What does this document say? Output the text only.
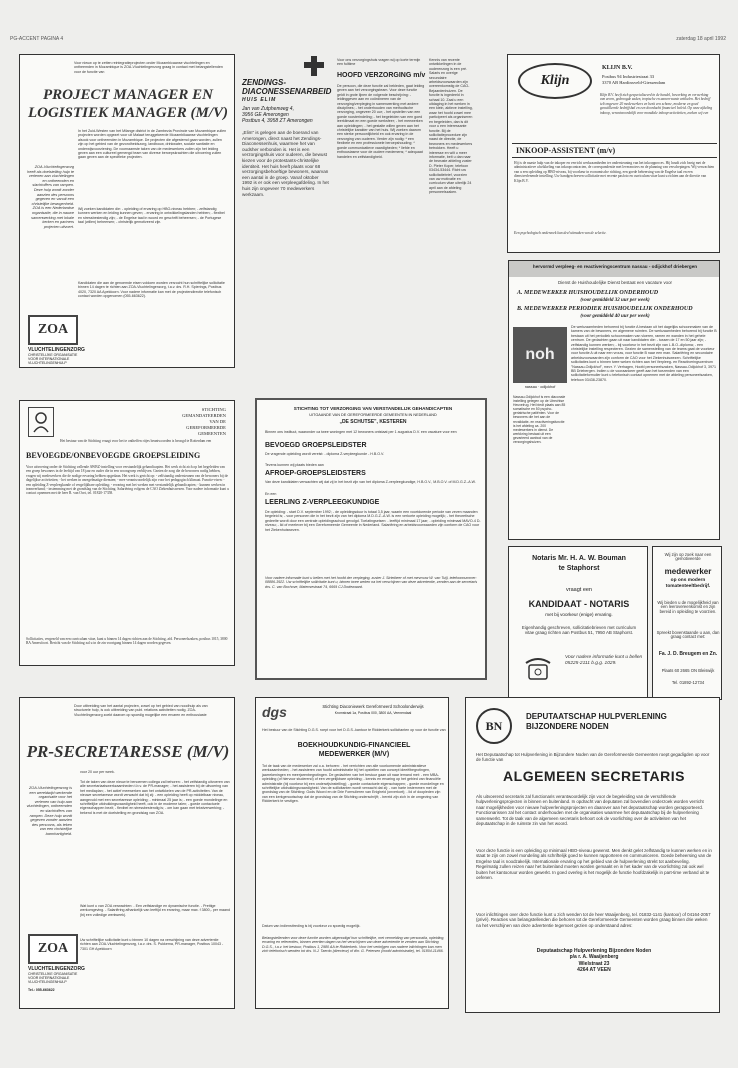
PG-ACCENT PAGINA 4	zaterdag 18 april 1992
Voor nieuw op te zetten reintegratieprojecten onder Mozambicaanse vluchtelingen en ontheemden in Mozambique is ZOA-Vluchtelingenzorg graag in contact met belangstellenden voor de functie van
PROJECT MANAGER EN
LOGISTIEK MANAGER (M/V)
ZOA-Vluchtelingenzorg heeft als doelstelling hulp te verlenen aan vluchtelingen en ontheemden en slachtoffers van rampen. Deze hulp wordt zonder aanzien des persoons gegeven en vanuit een christelijke bewogenheid. ZOA is een Nederlandse organisatie, die in nauwe samenwerking met lokale kerken en partners projecten uitvoert.
In het Zuid-Westen van het Milange district in de Zambezia Provincie van Mozambique zullen projecten worden opgezet voor uit Malawi teruggekeerde Mozambikaanse vluchtelingen alsook voor ontheemden in Mozambique. De projecten die afgestemd gaan worden, zullen zijn op het gebied van de gezondheidszorg, landbouw, drinkwater, sociale sanitatie en onderwijsvoorziening. De voornaamste taken van de medewerkers zullen zijn het leiding geven aan een cultureel gemengd team van diverse beroepskrachten die uitvoering zullen gaan geven aan de specifieke projecten.
Wij zoeken kandidaten die: - opleiding of ervaring op HBO-niveau hebben; - zelfstandig kunnen werken en leiding kunnen geven; - ervaring in ontwikkelingslanden hebben; - flexibel en stressbestendig zijn; - de Engelse taal in woord en geschrift beheersen; - de Portugese taal (willen) beheersen; - christelijk gemotiveerd zijn.
Kandidaten die aan de genoemde eisen voldoen worden verzocht hun schriftelijke sollicitatie binnen 14 dagen te richten aan ZOA-Vluchtelingenzorg, t.a.v. drs. R.H. Spierings, Postbus 4020, 7320 AA Apeldoorn. Voor nadere informatie kan met de projectendirectie telefonisch contact worden opgenomen (055-663622).
ZOA
VLUCHTELINGENZORG
CHRISTELIJKE ORGANISATIE VOOR INTERNATIONALE VLUCHTELINGENHULP
ZENDINGS-
DIACONESSENARBEID
HUIS ELIM
Jan van Zutphenweg 4,
3956 GE Amerongen
Postbus 4, 3958 ZT Amerongen
„Elim" is gelegen aan de boerand van Amerongen, direct naast het Zendings-Diaconessenhuis, waarmee het van oudsher verbonden is. Het is een verzorgingshuis voor ouderen, die bewust kiezen voor de protestants-christelijke identiteit. Het huis heeft plaats voor 68 verzorgingsbehoeftige bewoners, waarvan een aantal in de groep. Vanaf oktober 1992 is er ook een verpleegafdeling. In het huis zijn ongeveer 70 medewerkers werkzaam.
Voor ons verzorgingshuis vragen wij op korte termijn een fulltime
HOOFD VERZORGING m/v
De persoon, die deze functie zal bekleden, gaat leiding geven aan het verzorgingsteam. Voor deze functie geldt in grote lijnen de volgende beschrijving: - leidinggeven aan en coördineren van de verzorging/verpleging in samenwerking met andere disciplines; - het onderhouden van methodische verzorging, ongeveer 20 uur; - het opstellen van een goede roosterindeling; - het begeleiden van een goed leerklimaat en een goede werksfeer; - het meewerken aan opleidingen; - het gestalte willen geven aan het christelijke karakter van het huis. Wij zoeken daarom een sterke persoonlijkheid en ook ervaring in de verzorging van ouderen. Verder zijn nodig: * een flexibele en een professionele beroepshouding; * goede communicatieve vaardigheden; * liefde en enthousiasme voor de oudere medemens; * adequaat handelen en zelfstandigheid.
Kennis van recente ontwikkelingen in de ouderenzorg is een pré. Salaris en overige secundaire arbeidsvoorwaarden zijn overeenkomstig de CAO-Bejaardenhuizen. De functie is ingedeeld in schaal 10. Zaal u een uitdaging in het werken in een klein, aktieve instelling, waar het hoofd zowel mee participeert als organiseren en begeleiden, dan is dit voor u een interessante functie. Bij de sollicitatieprocedure zijn naast de directie, de bewoners en medewerkers betrokken. Heeft u interesse en wilt u meer informatie, belt u dan naar de bewuste afdeling zuster D. Pieter Koper, telefoon 03434-53444. Richt uw sollicitatiebrief, voorzien van uw motivatie en curriculum vitae uiterlijk 24 april aan de afdeling personeelszaken.
Klijn
KLIJN B.V.
Postbus 94 Industriestraat 33
3370 AB Hardinxveld-Giessendam
Klijn B.V. heeft zich gespecialiseerd in de handel, bewerking en verwerking van zeven, gedroogde zaden, tropische en aanverwante artikelen. Het bedrijf telt ongeveer 20 medewerkers en bezit een schone, moderne en goed geoutilleerde bedrijfshal en een doordacht financieel beleid. Op onze afdeling inkoop, verantwoordelijk voor mondiale inkoop-activiteiten, zoeken wij een
INKOOP-ASSISTENT (m/v)
Hij is de naaste hulp van de inkoper en verricht werkzaamheden ter ondersteuning van het inkoopproces. Hij houdt zich bezig met de administratieve afwikkeling van inkoopcontracten, de correspondentie met leveranciers en de planning van verschepingen. Wij verwachten van u een opleiding op HBO-niveau, bij voorkeur in economische richting, een goede beheersing van de Engelse taal en een dienstverlenende instelling. Uw handgeschreven sollicitatie met recente pasfoto en curriculum vitae kunt u richten aan de directie van Klijn B.V.
Een psychologisch onderzoek kan deel uitmaken van de selectie.
hervormd verpleeg- en reactiveringscentrum nassau - odijckhof driebergen
Dienst de Huishoudelijke Dienst bestaat een vacature voor
A. MEDEWERKER HUISHOUDELIJK ONDERHOUD
(voor gemiddeld 32 uur per week)
B. MEDEWERKER PERIODIEK HUISHOUDELIJK ONDERHOUD
(voor gemiddeld 40 uur per week)
noh
nassau · odijckhof
Nassau-Odijckhof is een diaconale instelling gelegen op de Utrechtse Heuvelrug. Het biedt plaats aan 85 somatische en 50 psycho-geriatrische patiënten. Voor de bewoners die het aan de revalidatie- en reactiveringsfunctie is het afdeling ca. 200 medewerkers in dienst. De werkkring bestaat uit een gevarieerd aanbod van de verzorgingshuizen.
De werkzaamheden behorend bij functie A bestaan uit het dagelijks schoonmaken van de kamers van de bewoners, en algemene ruimten. De werkzaamheden behorend bij functie B bestaan uit het periodiek schoonmaken van vloeren, ramen en wanden in het gehele centrum. De gedachten gaan uit naar kandidaten die: - tussen de 17 en 50 jaar zijn; - zelfstandig kunnen werken; - bij voorkeur in het bezit zijn van L.B.O.-diploma; - een christelijke instelling respecteren. Gezien de samenstelling van de teams gaat de voorkeur voor functie A uit naar een vrouw, voor functie B naar een man. Salariëring en secundaire arbeidsvoorwaarden zijn conform de CAO voor het Ziekenhuiswezen. Schriftelijke sollicitaties kunt u binnen twee weken richten aan het Verpleeg- en Reactiveringscentrum "Nassau-Odijckhof", mevr. Y. Verhagen, Hoofd personeelszaken, Nassau-Odijckhof 3, 3971 BB Driebergen. Indien u de vooraankeer geeft aan het toezenden van een sollicitatieformulier kunt u telefonisch contact opnemen met de afdeling personeelszaken, telefoon 03438-23870.
STICHTING
GEMANDATEERDEN
VAN DE
GEREFORMEERDE
GEMEENTEN
Het bestuur van de Stichting vraagt voor het te ontheffen ritjes beantwoorden is beoogd te Rotterdam een
BEVOEGDE/ONBEVOEGDE GROEPSLEIDING
Voor uitvoering onder de Stichting vallende AWBZ-instelling voor verstandelijk gehandicapten. Het werk richt zich op het begeleiden van een groep bewoners in de leeftijd van 18 jaar en ouder die in een woongroep verblijven. Gezien de zorg die de bewoners nodig hebben, vragen wij medewerkers die de nodige ervaring hebben opgedaan. Het werk is gericht op: - zelfstandig ondersteunen van de bewoners bij de dagelijkse activiteiten; - het werken in onregelmatige diensten; - mee verantwoordelijk zijn voor het pedagogisch klimaat. Functie-eisen: - een opleiding Z-verpleegkunde of vergelijkbare opleiding; - ervaring met het werken met verstandelijk gehandicapten; - kunnen werken in teamverband; - instemming met de grondslag van de Stichting. Salariëring volgens de CAO Ziekenhuiswezen. Voor nadere informatie kunt u contact opnemen met de heer R. van Oort, tel. 01820-17358.
Sollicitaties, vergezeld van een curriculum vitae, kunt u binnen 14 dagen richten aan de Stichting, afd. Personeelszaken, postbus 1015, 3800 BA Amersfoort. Bericht van de Stichting zal u in de zin voortgang binnen 14 dagen worden gegeven.
STICHTING TOT VERZORGING VAN VERSTANDELIJK GEHANDICAPTEN
UITGAANDE VAN DE GEREFORMEERDE GEMEENTEN IN NEDERLAND
„DE SCHUTSE", KESTEREN
Binnen ons instituut, waaronder ca twee woningen met 12 bewoners ontstaat per 1 augustus D.V. een vacature voor een
BEVOEGD GROEPSLEIDSTER
De vragende opleiding wordt vereist: - diploma Z-verpleegkunde - H.B.O.V.
Tevens kunnen wij plaats bieden aan
AFROEP-GROEPSLEIDSTERS
Van deze kandidaten verwachten wij dat zij in het bezit zijn van het diploma Z-verpleegkundige, H.B.O.V., M.B.O.V. of M.D.G.Z.-A.W.
En een
LEERLING Z-VERPLEEGKUNDIGE
De opleiding: - start D.V. september 1992; - de opleidingsduur is totaal 3,5 jaar, waarin een voortdurende periode van zeven maanden begeleid is; - voor personen die in het bezit zijn van het diploma M.D.G.Z.-A.W. is een verkorte opleiding mogelijk; - het theoretische gedeelte wordt door een centrale opleidingsschool gevolgd. Toelatingseisen: - leeftijd minimaal 17 jaar; - opleiding minimaal MAVO-4 D-niveau; - lid of meelever bij een Gereformeerde Gemeente in Nederland. Salariëring en arbeidsvoorwaarden zijn conform de CAO voor het Ziekenhuiswezen.
Voor nadere informatie kunt u bellen met het hoofd der verpleging, zuster J. Strietbeer of met mevrouw W. van Tuijl, telefoonnummer: 08886-3922. Uw schriftelijke sollicitatie kunt u, binnen twee weken na het verschijnen van deze advertentie, zenden aan de secretaris drs. C. van Bochove, Matensestraat 74, 6669 CJ Dodewaard.
Notaris Mr. H. A. W. Bouman
te Staphorst
vraagt een
KANDIDAAT - NOTARIS
met bij voorkeur (enige) ervaring.
Eigenhandig geschreven, sollicitatiebrieven met curriculum vitae graag richten aan Postbus 51, 7950 AB Staphorst.
Voor nadere informatie kunt u bellen 05225-2111 b.g.g. 1029.
Wij zijn op zoek naar een gemotiveerde
medewerker
op ons modern tomatenteeltbedrijf.
Wij bieden u de mogelijkheid van een leerovereenkomst en zijn bereid in opleiding te voorzien.
Spreekt bovenstaande u aan, dan graag contact met:
Fa. J. D. Breugem en Zn.
Plaats 60 2665 ON Bleiswijk
Tel. 01892-12734
Door uitbreiding van het aantal projecten, zowel op het gebied van noodhulp als van structurele hulp, is ook uitbreiding van publ. relations activiteiten nodig. ZOA-Vluchtelingenzorg zoekt daarom op spoedig mogelijke een ervaren en enthousiaste
PR-SECRETARESSE (M/V)
voor 20 uur per week.
ZOA-Vluchtelingenzorg is een wereldwijd werkende organisatie voor het verlenen van hulp aan vluchtelingen, ontheemden en slachtoffers van rampen. Deze hulp wordt gegeven zonder aanzien des persoons, als teken van een christelijke barmhartigheid.
Tot de taken van deze nieuw te benoemen collega zal behoren: - het zelfstandig uitvoeren van alle secretariaatswerkzaamheden t.b.v. de PR-manager; - het assisteren bij de uitvoering van het mediaplan; - het actief meewerken aan het ontwikkelen van de PR-activiteiten. Van de nieuwe secretaresse wordt verwacht dat hij zij: - een opleiding heeft op middelbaar niveau, aangevuld met een secretaresse opleiding; - minimaal 25 jaar is; - een goede mondelinge en schriftelijke uitdrukkingsvaardigheid heeft, ook in de moderne talen; - goede contactuele eigenschappen bezit; - flexibel en stressbestendig is; - om kan gaan met tekstverwerking; - bekend is met de doelstelling en grondslag van ZOA.
Wat kunt u van ZOA verwachten: - Een zelfstandige en dynamische functie. - Prettige werkomgeving. - Salariëring afhankelijk van leeftijd en ervaring, maar max. f 3800,- per maand (bij een volledige werkweek).
Uw schriftelijke sollicitatie kunt u binnen 10 dagen na verschijning van deze advertentie richten aan ZOA-Vluchtelingenzorg, t.a.v. drs. S. Pukkema, PR-manager, Postbus 10043 - 7301 GH Apeldoorn
ZOA
VLUCHTELINGENZORG
CHRISTELIJKE ORGANISATIE VOOR INTERNATIONALE VLUCHTELINGENHULP
Tel.: 055-663622
dgs	Stichting Diaconiewerk Gereformeerd Schoolonderwijs
Kromstraat 1a, Postbus 000, 3800 AA, Veenendaal
Het bestuur van de Stichting D.G.S. roept voor het D.G.S.-kantoor te Ridderkerk sollicitanten op voor de functie van
BOEKHOUDKUNDIG-FINANCIEEL
MEDEWERKER (M/V)
Tot de taak van de medewerker zal o.a. behoren: - het verrichten van alle voorkomende administratieve werkzaamheden; - het assisteren van hoofd administratie bij het opstellen van concept ideeëlbegrotingen, jaarrekeningen en meerjarenbegrotingen. De gedachten van het bestuur gaan uit naar iemand met: - een MBA-opleiding (of hiervoor studerend) of een vergelijkbare opleiding; - kennis en ervaring op het gebied van financiële administratie (bij voorkeur bij een onderwijsinstelling); - goede contactuele eigenschappen; - goede mondelinge en schriftelijke uitdrukkingsvaardigheid. Van de sollicitanten wordt verwacht dat zij: - van harte instemmen met de grondslag van de Stichting: Gods Woord en de Drie Formulieren van Enigheid (onverkort); - lid of doopleden zijn van een kerkgenootschap dat de grondslag van de Stichting onderschrijft; - bereid zijn zich in de omgeving van Ridderkerk te vestigen.
Datum van indiensttreding is bij voorkeur zo spoedig mogelijk.
Belangstellenden voor deze functie worden uitgenodigd hun schriftelijke, met vermelding van personalia, opleiding, ervaring en referenties, binnen veertien dagen na het verschijnen van deze advertentie te zenden aan Stichting D.G.S., t.a.v. het bestuur, Postbus 1, 2980 AA te Ridderkerk. Voor het verkrijgen van nadere inlichtingen kan men zich telefonisch wenden tot drs. N.J. Taerdo (directeur) of dhr. G. Petersen (hoofd administratie), tel. 01804-11466.
BN
DEPUTAATSCHAP HULPVERLENING
BIJZONDERE NODEN
Het Deputaatschap tot Hulpverlening in Bijzondere Noden van de Gereformeerde Gemeenten roept gegadigden op voor de functie van
ALGEMEEN SECRETARIS
Als uitvoerend secretaris zal functionaris verantwoordelijk zijn voor de begeleiding van de verschillende hulpverleningsprojecten in binnen en buitenland. In opdracht van deputaten zal bovendien onderzoek worden verricht naar mogelijkheden voor nieuwe hulpverleningsprojecten en daarover aan het deputaatschap worden gerapporteerd. Functionarissen zal het contact onderhouden met de organisaties waarmee het deputaatschap bij de hulpverlening samenwerkt. Tot de taak van de algemeen secretaris behoort ook de voorlichting over de activiteiten van het deputaatschap in de ruimste zin van het woord.
Voor deze functie is een opleiding op minimaal HBO-niveau gewenst. Men denkt gelet zelfstandig te kunnen werken en in staat te zijn om zowel mondeling als schriftelijk goed te kunnen rapporteren en communiceren. Goede beheersing van de Engelse taal is noodzakelijk. Internationale ervaring op het gebied van de hulpverlening strekt tot aanbeveling. Regelmatig zullen reizen naar het buitenland moeten worden gemaakt en in het kader van de voorlichting zal ook wel buiten het kantooruur worden gewerkt. In goed overleg is het mogelijk de functie hoofdzakelijk in part-time verband uit te oefenen.
Voor inlichtingen over deze functie kunt u zich wenden tot de heer Waaijenberg, tel. 01832-1141 (kantoor) of 04164-2057 (privé). Reacties van belangstellenden die behoren tot de Gereformeerde Gemeenten worden graag binnen drie weken na het verschijnen van deze advertentie tegemoet gezien op onderstaand adres:
Deputaatschap Hulpverlening Bijzondere Noden
p/a r. A. Waaijenberg
Wielstraat 23
4264 AT VEEN
